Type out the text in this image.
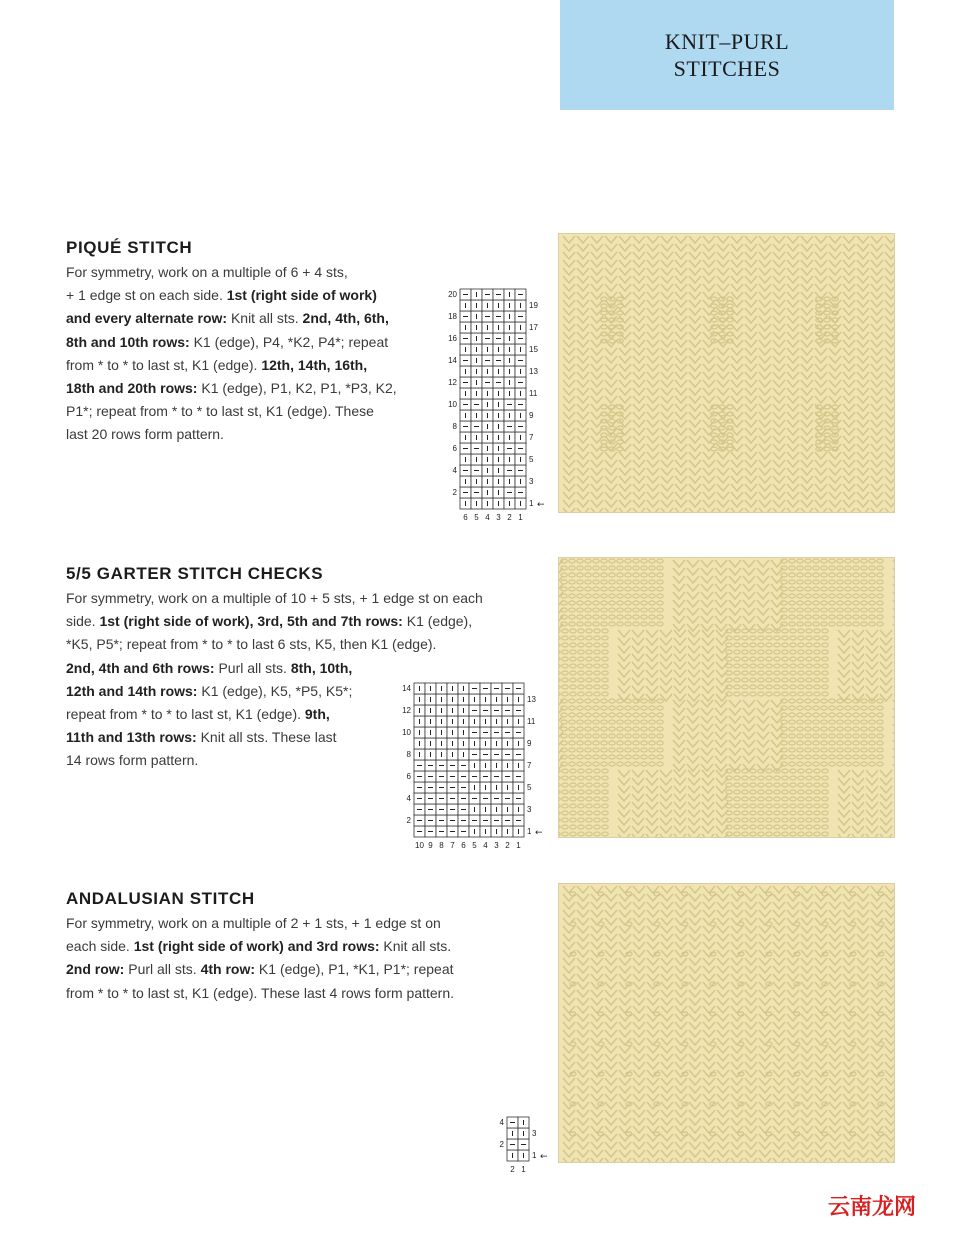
KNIT–PURL
STITCHES
PIQUÉ STITCH
For symmetry, work on a multiple of 6 + 4 sts,
+ 1 edge st on each side. 1st (right side of work)
and every alternate row: Knit all sts. 2nd, 4th, 6th,
8th and 10th rows: K1 (edge), P4, *K2, P4*; repeat
from * to * to last st, K1 (edge). 12th, 14th, 16th,
18th and 20th rows: K1 (edge), P1, K2, P1, *P3, K2,
P1*; repeat from * to * to last st, K1 (edge). These
last 20 rows form pattern.
20
18
16
14
12
10
8
6
4
2
19
17
15
13
11
9
7
5
3
1 ←
6 5 4 3 2 1
5/5 GARTER STITCH CHECKS
For symmetry, work on a multiple of 10 + 5 sts, + 1 edge st on each
side. 1st (right side of work), 3rd, 5th and 7th rows: K1 (edge),
*K5, P5*; repeat from * to * to last 6 sts, K5, then K1 (edge).
2nd, 4th and 6th rows: Purl all sts. 8th, 10th,
12th and 14th rows: K1 (edge), K5, *P5, K5*;
repeat from * to * to last st, K1 (edge). 9th,
11th and 13th rows: Knit all sts. These last
14 rows form pattern.
14
12
10
8
6
4
2
13
11
9
7
5
3
1 ←
10 9 8 7 6 5 4 3 2 1
ANDALUSIAN STITCH
For symmetry, work on a multiple of 2 + 1 sts, + 1 edge st on
each side. 1st (right side of work) and 3rd rows: Knit all sts.
2nd row: Purl all sts. 4th row: K1 (edge), P1, *K1, P1*; repeat
from * to * to last st, K1 (edge). These last 4 rows form pattern.
4
2
3
1 ←
2 1
云南龙网
